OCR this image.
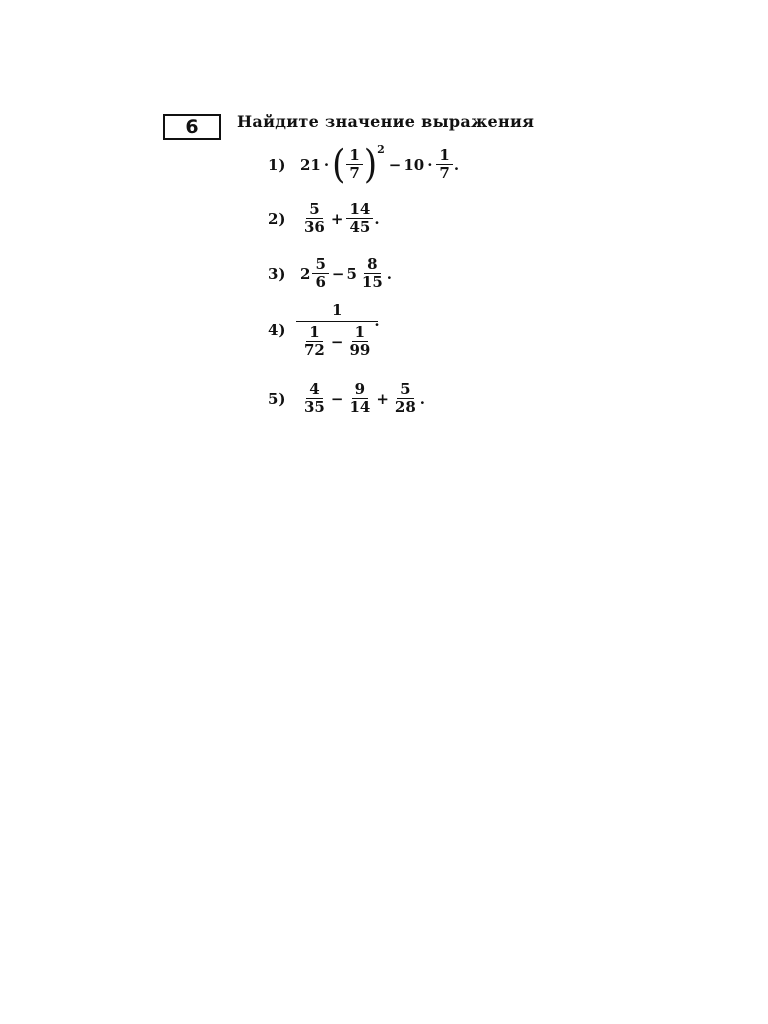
6	Найдите значение выражения
1) 21 · ( $\frac{1}{7}$ ) 2
− $10 \cdot \frac{1}{7}$ .
2)	$\frac{5}{36} + \frac{14}{45}$ .
3) $2 \frac{5}{6} - 5 \frac{8}{15}$ .
$4) \frac{1}{\frac{1}{72} - \frac{1}{99}}$ .
5)	$\frac{4}{35} - \frac{9}{14} + \frac{5}{28}$ .
